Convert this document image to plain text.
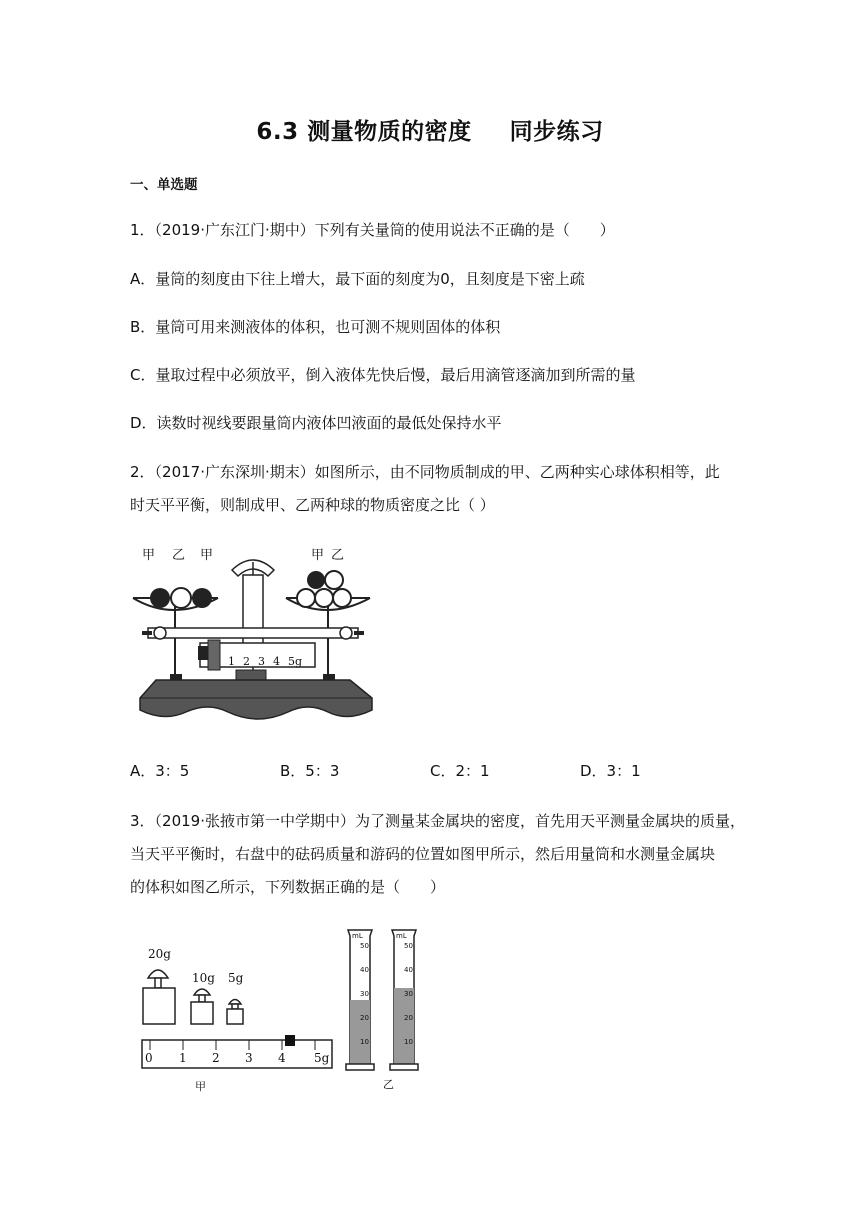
6.3 测量物质的密度 同步练习
一、单选题
1．（2019·广东江门·期中）下列有关量筒的使用说法不正确的是（　　）
A．量筒的刻度由下往上增大，最下面的刻度为0，且刻度是下密上疏
B．量筒可用来测液体的体积，也可测不规则固体的体积
C．量取过程中必须放平，倒入液体先快后慢，最后用滴管逐滴加到所需的量
D．读数时视线要跟量筒内液体凹液面的最低处保持水平
2．（2017·广东深圳·期末）如图所示，由不同物质制成的甲、乙两种实心球体积相等，此
时天平平衡，则制成甲、乙两种球的物质密度之比（ ）
甲 乙 甲	甲 乙
1 2 3 4 5g
A．3：5	B．5：3	C．2：1	D．3：1
3．（2019·张掖市第一中学期中）为了测量某金属块的密度，首先用天平测量金属块的质量，
当天平平衡时，右盘中的砝码质量和游码的位置如图甲所示，然后用量筒和水测量金属块
的体积如图乙所示，下列数据正确的是（　　）
20g
10g 5g
0 1 2 3 4 5g
甲
mL
50
40
30
20
10
mL
50
40
30
20
10
乙
